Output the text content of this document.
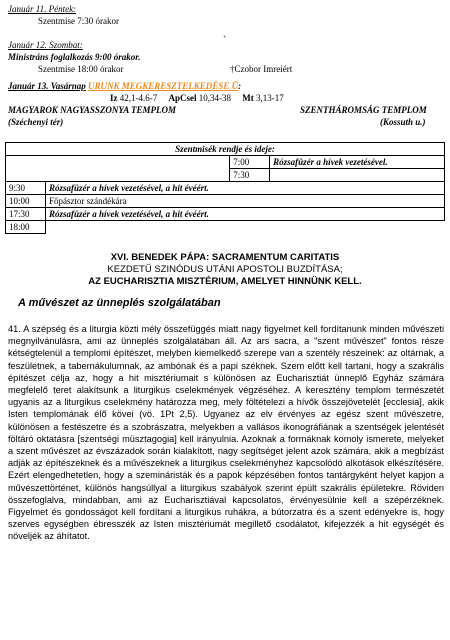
Január 11. Péntek:
Szentmise 7:30 órakor
+
Január 12. Szombat:
Ministráns foglalkozás 9:00 órakor.
Szentmise 18:00 órakor	†Czobor Imreiért
Január 13. Vasárnap URUNK MEGKERESZTELKEDÉSE Ü:
Iz 42,1-4.6-7 ApCsel 10,34-38 Mt 3,13-17
MAGYAROK NAGYASSZONYA TEMPLOM
(Széchenyi tér)
SZENTHÁROMSÁG TEMPLOM
(Kossuth u.)
Szentmisék rendje és ideje:			
		7:00	Rózsafüzér a hívek vezetésével.
		7:30	
9:30	Rózsafüzér a hívek vezetésével, a hit évéért.		
10:00	Főpásztor szándékára		
17:30	Rózsafüzér a hívek vezetésével, a hit évéért.		
18:00			
XVI. BENEDEK PÁPA: SACRAMENTUM CARITATIS
KEZDETŰ SZINÓDUS UTÁNI APOSTOLI BUZDÍTÁSA;
AZ EUCHARISZTIA MISZTÉRIUM, AMELYET HINNÜNK KELL.
A művészet az ünneplés szolgálatában
41. A szépség és a liturgia közti mély összefüggés miatt nagy figyelmet kell fordítanunk minden művészeti megnyilvánulásra, ami az ünneplés szolgálatában áll. Az ars sacra, a "szent művészet" fontos része kétségtelenül a templomi építészet, melyben kiemelkedő szerepe van a szentély részeinek: az oltárnak, a feszületnek, a tabernákulumnak, az ambónak és a papi széknek. Szem előtt kell tartani, hogy a szakrális építészet célja az, hogy a hit misztériumait s különösen az Eucharisztiát ünneplő Egyház számára megfelelő teret alakítsunk a liturgikus cselekmények végzéséhez. A keresztény templom természetét ugyanis az a liturgikus cselekmény határozza meg, mely föltételezi a hívők összejövetelét [ecclesia], akik Isten templomának élő kövei (vö. 1Pt 2,5). Ugyanez az elv érvényes az egész szent művészetre, különösen a festészetre és a szobrászatra, melyekben a vallásos ikonográfiának a szentségek jelentését föltáró oktatásra [szentségi müsztagogia] kell irányulnia. Azoknak a formáknak komoly ismerete, melyeket a szent művészet az évszázadok során kialakított, nagy segítséget jelent azok számára, akik a megbízást adják az építészeknek és a művészeknek a liturgikus cselekményhez kapcsolódó alkotások elkészítésére. Ezért elengedhetetlen, hogy a szemináristák és a papok képzésében fontos tantárgyként helyet kapjon a művészettörténet, különös hangsúllyal a liturgikus szabályok szerint épült szakrális épületekre. Röviden összefoglalva, mindabban, ami az Eucharisztiával kapcsolatos, érvényesülnie kell a szépérzéknek. Figyelmet és gondosságot kell fordítani a liturgikus ruhákra, a bútorzatra és a szent edényekre is, hogy szerves egységben ébresszék az Isten misztériumát megillető csodálatot, kifejezzék a hit egységét és növeljék az áhítatot.
